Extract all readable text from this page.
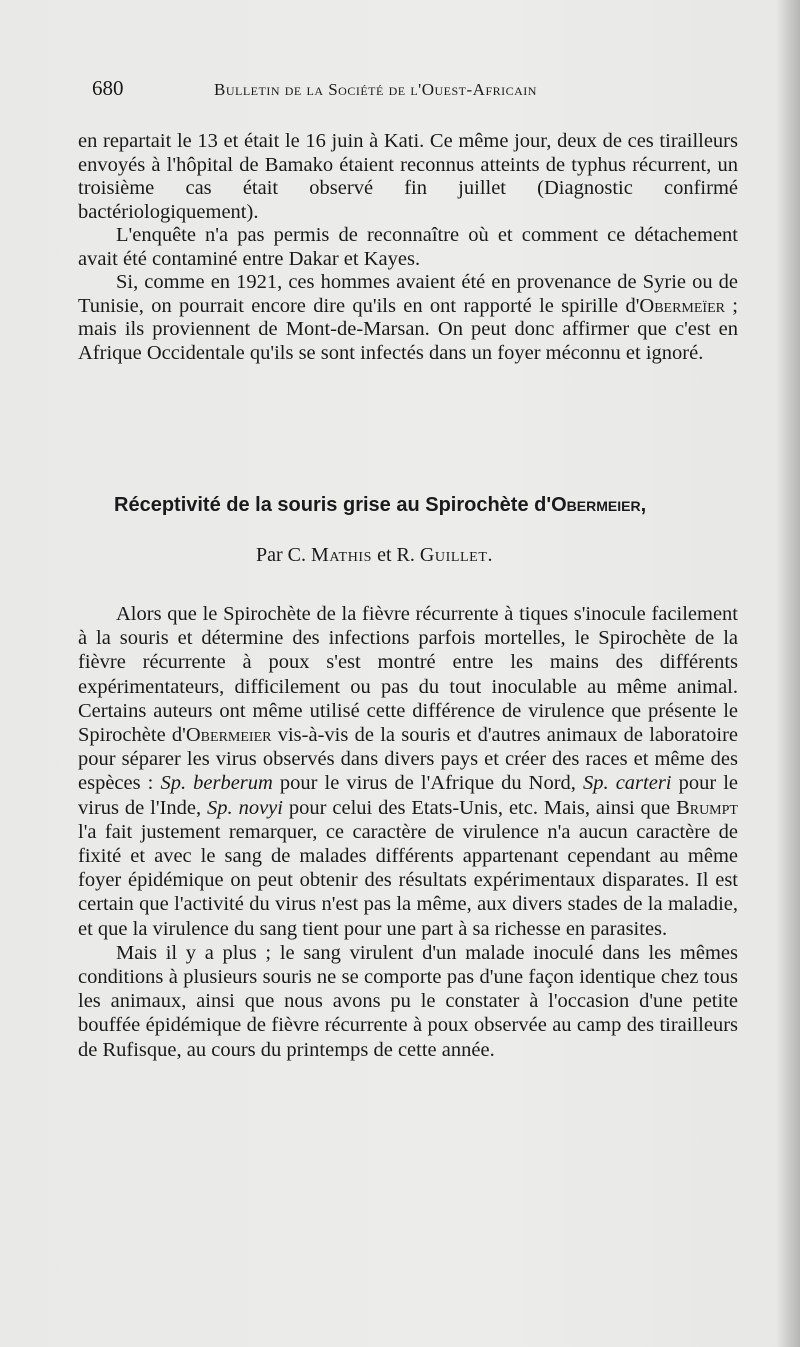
680	Bulletin de la Société de l'Ouest-Africain

en repartait le 13 et était le 16 juin à Kati. Ce même jour, deux de ces tirailleurs envoyés à l'hôpital de Bamako étaient reconnus atteints de typhus récurrent, un troisième cas était observé fin juillet (Diagnostic confirmé bactériologiquement).

L'enquête n'a pas permis de reconnaître où et comment ce détachement avait été contaminé entre Dakar et Kayes.

Si, comme en 1921, ces hommes avaient été en provenance de Syrie ou de Tunisie, on pourrait encore dire qu'ils en ont rapporté le spirille d'Obermeïer ; mais ils proviennent de Mont-de-Marsan. On peut donc affirmer que c'est en Afrique Occidentale qu'ils se sont infectés dans un foyer méconnu et ignoré.

Réceptivité de la souris grise au Spirochète d'Obermeier,
Par C. Mathis et R. Guillet.

Alors que le Spirochète de la fièvre récurrente à tiques s'inocule facilement à la souris et détermine des infections parfois mortelles, le Spirochète de la fièvre récurrente à poux s'est montré entre les mains des différents expérimentateurs, difficilement ou pas du tout inoculable au même animal. Certains auteurs ont même utilisé cette différence de virulence que présente le Spirochète d'Obermeier vis-à-vis de la souris et d'autres animaux de laboratoire pour séparer les virus observés dans divers pays et créer des races et même des espèces : Sp. berberum pour le virus de l'Afrique du Nord, Sp. carteri pour le virus de l'Inde, Sp. novyi pour celui des Etats-Unis, etc. Mais, ainsi que Brumpt l'a fait justement remarquer, ce caractère de virulence n'a aucun caractère de fixité et avec le sang de malades différents appartenant cependant au même foyer épidémique on peut obtenir des résultats expérimentaux disparates. Il est certain que l'activité du virus n'est pas la même, aux divers stades de la maladie, et que la virulence du sang tient pour une part à sa richesse en parasites.

Mais il y a plus ; le sang virulent d'un malade inoculé dans les mêmes conditions à plusieurs souris ne se comporte pas d'une façon identique chez tous les animaux, ainsi que nous avons pu le constater à l'occasion d'une petite bouffée épidémique de fièvre récurrente à poux observée au camp des tirailleurs de Rufisque, au cours du printemps de cette année.
